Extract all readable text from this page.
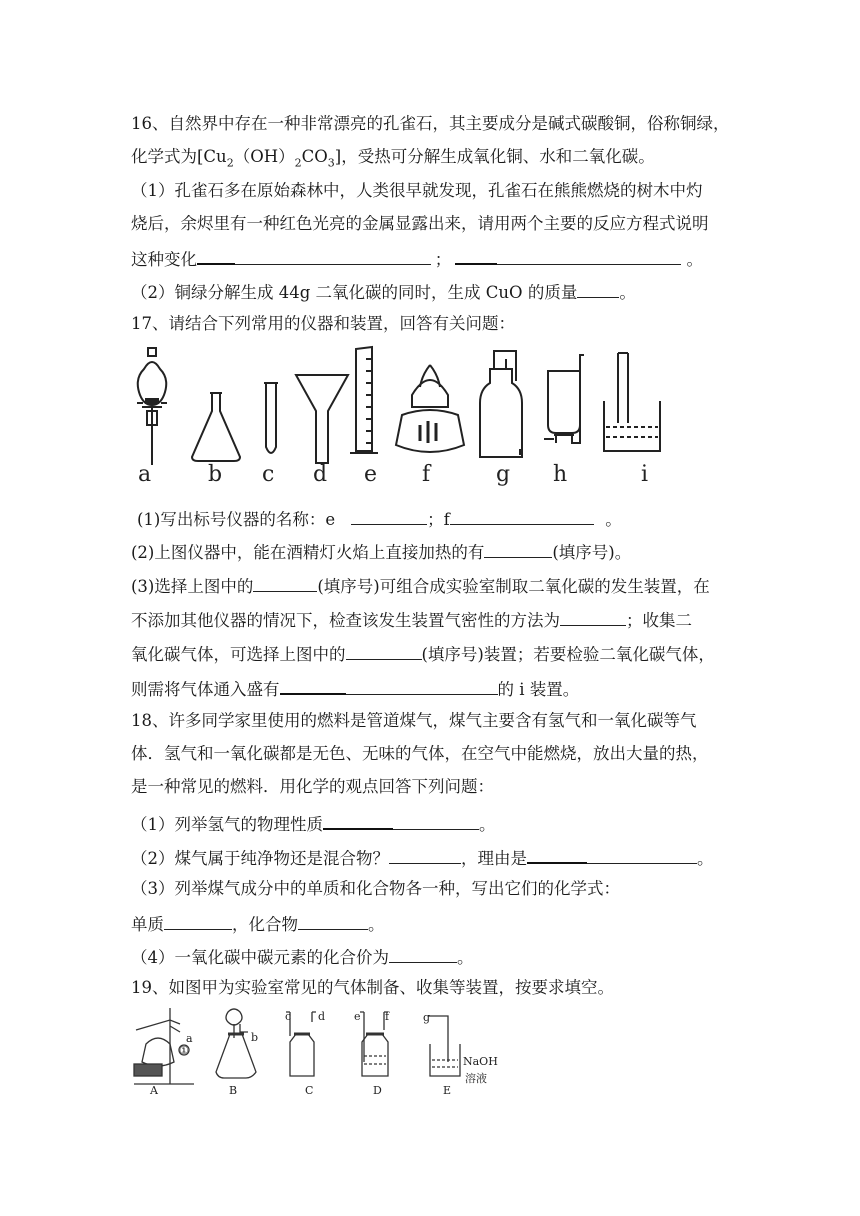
16、自然界中存在一种非常漂亮的孔雀石，其主要成分是碱式碳酸铜，俗称铜绿，
化学式为$[Cu_2(OH)_2CO_3]$，受热可分解生成氧化铜、水和二氧化碳。
（1）孔雀石多在原始森林中，人类很早就发现，孔雀石在熊熊燃烧的树木中灼
烧后，余烬里有一种红色光亮的金属显露出来，请用两个主要的反应方程式说明
这种变化	；	。
（2）铜绿分解生成 44g 二氧化碳的同时，生成 CuO 的质量	。
17、请结合下列常用的仪器和装置，回答有关问题：
a	b c d e f	g h	i
(1)写出标号仪器的名称：e	；f	。
(2)上图仪器中，能在酒精灯火焰上直接加热的有	(填序号)。
(3)选择上图中的	(填序号)可组合成实验室制取二氧化碳的发生装置，在
不添加其他仪器的情况下，检查该发生装置气密性的方法为	；收集二
氧化碳气体，可选择上图中的	(填序号)装置；若要检验二氧化碳气体，
则需将气体通入盛有	的 i 装置。
18、许多同学家里使用的燃料是管道煤气，煤气主要含有氢气和一氧化碳等气
体．氢气和一氧化碳都是无色、无味的气体，在空气中能燃烧，放出大量的热，
是一种常见的燃料．用化学的观点回答下列问题：
（1）列举氢气的物理性质	。
（2）煤气属于纯净物还是混合物？	，理由是	。
（3）列举煤气成分中的单质和化合物各一种，写出它们的化学式：
单质	，化合物	。
（4）一氧化碳中碳元素的化合价为	。
19、如图甲为实验室常见的气体制备、收集等装置，按要求填空。
A	B	C	D	E
a	b
c d	e f	g
①
NaOH
溶液
